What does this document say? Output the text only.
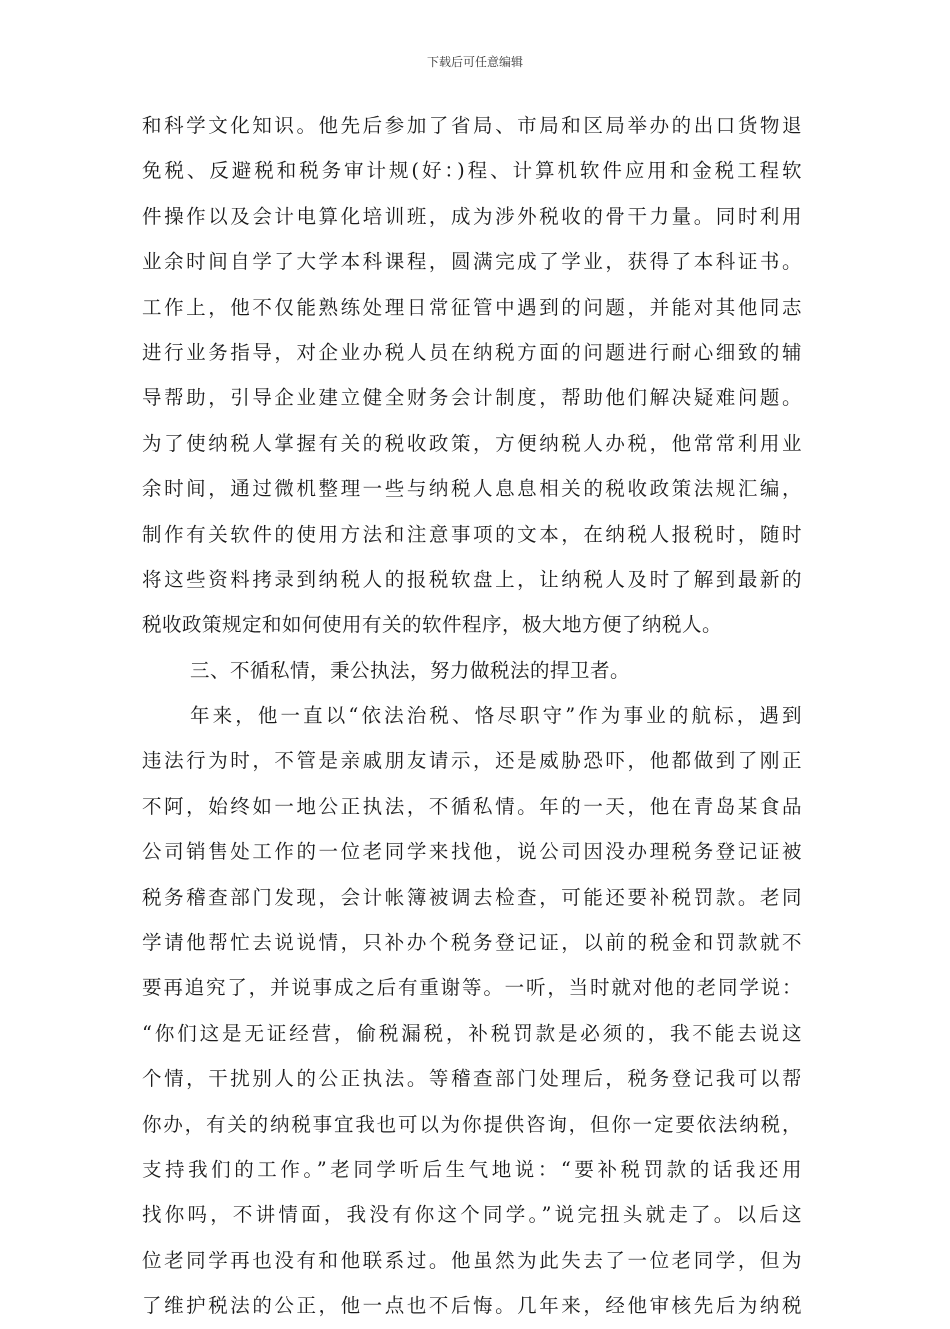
下载后可任意编辑
和科学文化知识。他先后参加了省局、市局和区局举办的出口货物退
免税、反避税和税务审计规(好：)程、计算机软件应用和金税工程软
件操作以及会计电算化培训班，成为涉外税收的骨干力量。同时利用
业余时间自学了大学本科课程，圆满完成了学业，获得了本科证书。
工作上，他不仅能熟练处理日常征管中遇到的问题，并能对其他同志
进行业务指导，对企业办税人员在纳税方面的问题进行耐心细致的辅
导帮助，引导企业建立健全财务会计制度，帮助他们解决疑难问题。
为了使纳税人掌握有关的税收政策，方便纳税人办税，他常常利用业
余时间，通过微机整理一些与纳税人息息相关的税收政策法规汇编，
制作有关软件的使用方法和注意事项的文本，在纳税人报税时，随时
将这些资料拷录到纳税人的报税软盘上，让纳税人及时了解到最新的
税收政策规定和如何使用有关的软件程序，极大地方便了纳税人。
三、不循私情，秉公执法，努力做税法的捍卫者。
年来，他一直以“依法治税、恪尽职守”作为事业的航标，遇到
违法行为时，不管是亲戚朋友请示，还是威胁恐吓，他都做到了刚正
不阿，始终如一地公正执法，不循私情。年的一天，他在青岛某食品
公司销售处工作的一位老同学来找他，说公司因没办理税务登记证被
税务稽查部门发现，会计帐簿被调去检查，可能还要补税罚款。老同
学请他帮忙去说说情，只补办个税务登记证，以前的税金和罚款就不
要再追究了，并说事成之后有重谢等。一听，当时就对他的老同学说：
“你们这是无证经营，偷税漏税，补税罚款是必须的，我不能去说这
个情，干扰别人的公正执法。等稽查部门处理后，税务登记我可以帮
你办，有关的纳税事宜我也可以为你提供咨询，但你一定要依法纳税，
支持我们的工作。”老同学听后生气地说：“要补税罚款的话我还用
找你吗，不讲情面，我没有你这个同学。”说完扭头就走了。以后这
位老同学再也没有和他联系过。他虽然为此失去了一位老同学，但为
了维护税法的公正，他一点也不后悔。几年来，经他审核先后为纳税
